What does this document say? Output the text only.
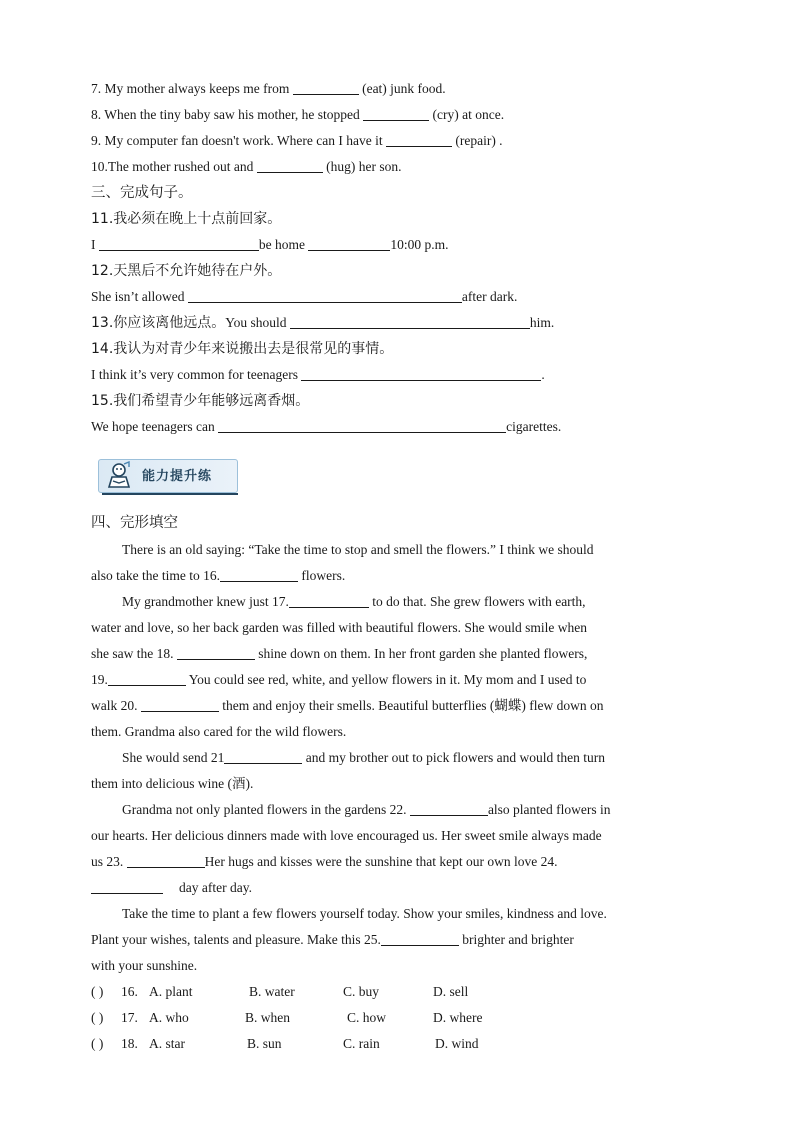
7. My mother always keeps me from	(eat) junk food.
8. When the tiny baby saw his mother, he stopped	(cry) at once.
9. My computer fan doesn't work. Where can I have it	(repair) .
10.The mother rushed out and	(hug) her son.
三、完成句子。
11.我必须在晚上十点前回家。
I	be home	10:00 p.m.
12.天黑后不允许她待在户外。
She isn’t allowed	after dark.
13.你应该离他远点。You should	him.
14.我认为对青少年来说搬出去是很常见的事情。
I think it’s very common for teenagers	.
15.我们希望青少年能够远离香烟。
We hope teenagers can	cigarettes.
能力提升练
四、完形填空
There is an old saying: “Take the time to stop and smell the flowers.” I think we should
also take the time to 16.	flowers.
My grandmother knew just 17.	to do that. She grew flowers with earth,
water and love, so her back garden was filled with beautiful flowers. She would smile when
she saw the 18.	shine down on them. In her front garden she planted flowers,
19.	You could see red, white, and yellow flowers in it. My mom and I used to
walk 20.	them and enjoy their smells. Beautiful butterflies (蝴蝶) flew down on
them. Grandma also cared for the wild flowers.
She would send 21	and my brother out to pick flowers and would then turn
them into delicious wine (酒).
Grandma not only planted flowers in the gardens 22.	also planted flowers in
our hearts. Her delicious dinners made with love encouraged us. Her sweet smile always made
us 23.	Her hugs and kisses were the sunshine that kept our own love 24.
day after day.
Take the time to plant a few flowers yourself today. Show your smiles, kindness and love.
Plant your wishes, talents and pleasure. Make this 25.	brighter and brighter
with your sunshine.
( ) 16. A. plant	B. water	C. buy	D. sell
( ) 17. A. who	B. when	C. how	D. where
( ) 18. A. star	B. sun	C. rain	D. wind
